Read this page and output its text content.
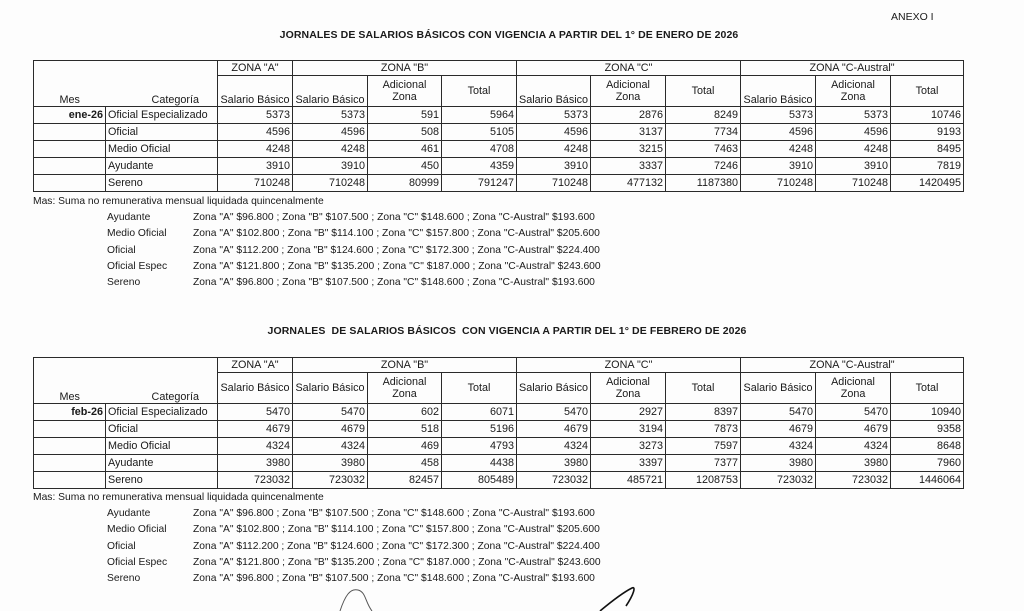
ANEXO I
JORNALES DE SALARIOS BÁSICOS CON VIGENCIA A PARTIR DEL 1° DE ENERO DE 2026
		ZONA "A"	ZONA "B"			ZONA "C"			ZONA "C-Austral"		
Mes	Categoría	Salario Básico	Salario Básico	Adicional Zona	Total	Salario Básico	Adicional Zona	Total	Salario Básico	Adicional Zona	Total
ene-26	Oficial Especializado	5373	5373	591	5964	5373	2876	8249	5373	5373	10746
	Oficial	4596	4596	508	5105	4596	3137	7734	4596	4596	9193
	Medio Oficial	4248	4248	461	4708	4248	3215	7463	4248	4248	8495
	Ayudante	3910	3910	450	4359	3910	3337	7246	3910	3910	7819
	Sereno	710248	710248	80999	791247	710248	477132	1187380	710248	710248	1420495
Mas: Suma no remunerativa mensual liquidada quincenalmente
Ayudante	Zona "A" $96.800 ; Zona "B" $107.500 ; Zona "C" $148.600 ; Zona "C-Austral" $193.600
Medio Oficial	Zona "A" $102.800 ; Zona "B" $114.100 ; Zona "C" $157.800 ; Zona "C-Austral" $205.600
Oficial	Zona "A" $112.200 ; Zona "B" $124.600 ; Zona "C" $172.300 ; Zona "C-Austral" $224.400
Oficial Espec	Zona "A" $121.800 ; Zona "B" $135.200 ; Zona "C" $187.000 ; Zona "C-Austral" $243.600
Sereno	Zona "A" $96.800 ; Zona "B" $107.500 ; Zona "C" $148.600 ; Zona "C-Austral" $193.600
JORNALES  DE SALARIOS BÁSICOS  CON VIGENCIA A PARTIR DEL 1° DE FEBRERO DE 2026
		ZONA "A"	ZONA "B"			ZONA "C"			ZONA "C-Austral"		
Mes	Categoría	Salario Básico	Salario Básico	Adicional Zona	Total	Salario Básico	Adicional Zona	Total	Salario Básico	Adicional Zona	Total
feb-26	Oficial Especializado	5470	5470	602	6071	5470	2927	8397	5470	5470	10940
	Oficial	4679	4679	518	5196	4679	3194	7873	4679	4679	9358
	Medio Oficial	4324	4324	469	4793	4324	3273	7597	4324	4324	8648
	Ayudante	3980	3980	458	4438	3980	3397	7377	3980	3980	7960
	Sereno	723032	723032	82457	805489	723032	485721	1208753	723032	723032	1446064
Mas: Suma no remunerativa mensual liquidada quincenalmente
Ayudante	Zona "A" $96.800 ; Zona "B" $107.500 ; Zona "C" $148.600 ; Zona "C-Austral" $193.600
Medio Oficial	Zona "A" $102.800 ; Zona "B" $114.100 ; Zona "C" $157.800 ; Zona "C-Austral" $205.600
Oficial	Zona "A" $112.200 ; Zona "B" $124.600 ; Zona "C" $172.300 ; Zona "C-Austral" $224.400
Oficial Espec	Zona "A" $121.800 ; Zona "B" $135.200 ; Zona "C" $187.000 ; Zona "C-Austral" $243.600
Sereno	Zona "A" $96.800 ; Zona "B" $107.500 ; Zona "C" $148.600 ; Zona "C-Austral" $193.600
